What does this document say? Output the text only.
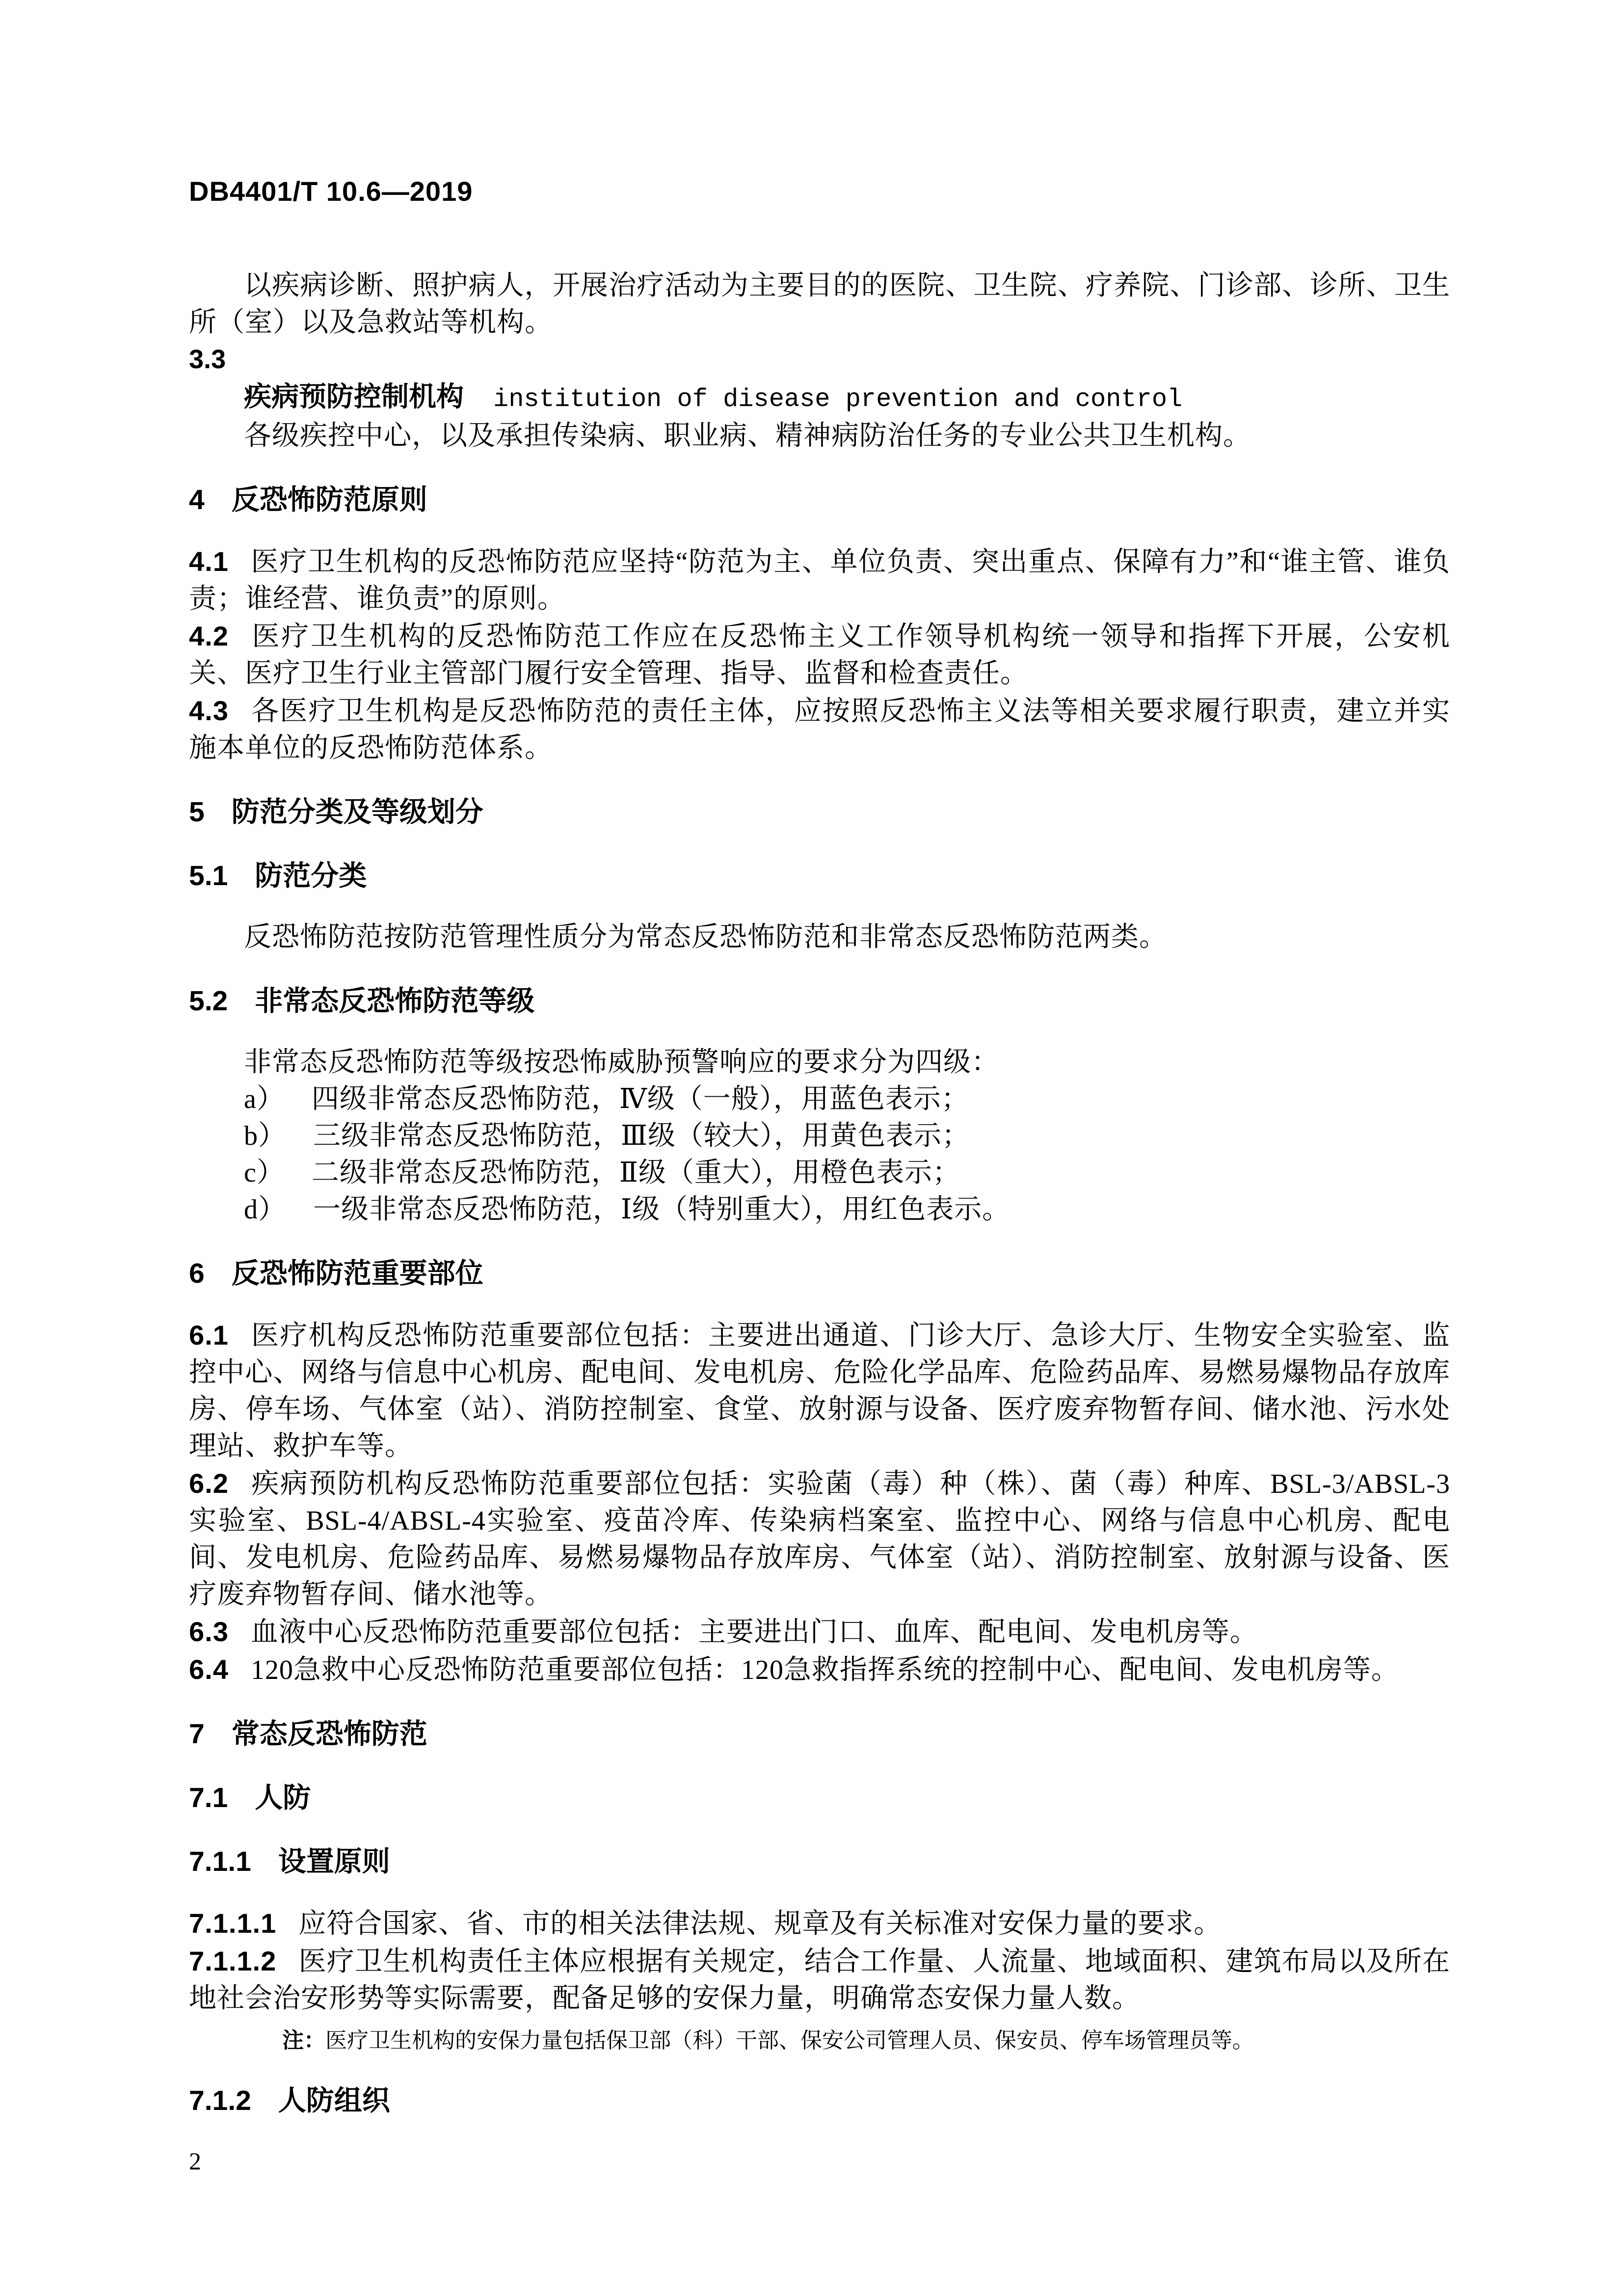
DB4401/T 10.6—2019

以疾病诊断、照护病人，开展治疗活动为主要目的的医院、卫生院、疗养院、门诊部、诊所、卫生所（室）以及急救站等机构。

3.3
疾病预防控制机构 institution of disease prevention and control

各级疾控中心，以及承担传染病、职业病、精神病防治任务的专业公共卫生机构。

4 反恐怖防范原则

4.1 医疗卫生机构的反恐怖防范应坚持“防范为主、单位负责、突出重点、保障有力”和“谁主管、谁负责；谁经营、谁负责”的原则。

4.2 医疗卫生机构的反恐怖防范工作应在反恐怖主义工作领导机构统一领导和指挥下开展，公安机关、医疗卫生行业主管部门履行安全管理、指导、监督和检查责任。

4.3 各医疗卫生机构是反恐怖防范的责任主体，应按照反恐怖主义法等相关要求履行职责，建立并实施本单位的反恐怖防范体系。

5 防范分类及等级划分
5.1 防范分类

反恐怖防范按防范管理性质分为常态反恐怖防范和非常态反恐怖防范两类。

5.2 非常态反恐怖防范等级

非常态反恐怖防范等级按恐怖威胁预警响应的要求分为四级：

a） 四级非常态反恐怖防范，Ⅳ级（一般），用蓝色表示；
b） 三级非常态反恐怖防范，Ⅲ级（较大），用黄色表示；
c） 二级非常态反恐怖防范，Ⅱ级（重大），用橙色表示；
d） 一级非常态反恐怖防范，Ⅰ级（特别重大），用红色表示。
6 反恐怖防范重要部位

6.1 医疗机构反恐怖防范重要部位包括：主要进出通道、门诊大厅、急诊大厅、生物安全实验室、监控中心、网络与信息中心机房、配电间、发电机房、危险化学品库、危险药品库、易燃易爆物品存放库房、停车场、气体室（站）、消防控制室、食堂、放射源与设备、医疗废弃物暂存间、储水池、污水处理站、救护车等。

6.2 疾病预防机构反恐怖防范重要部位包括：实验菌（毒）种（株）、菌（毒）种库、BSL-3/ABSL-3实验室、BSL-4/ABSL-4实验室、疫苗冷库、传染病档案室、监控中心、网络与信息中心机房、配电间、发电机房、危险药品库、易燃易爆物品存放库房、气体室（站）、消防控制室、放射源与设备、医疗废弃物暂存间、储水池等。

6.3 血液中心反恐怖防范重要部位包括：主要进出门口、血库、配电间、发电机房等。

6.4 120急救中心反恐怖防范重要部位包括：120急救指挥系统的控制中心、配电间、发电机房等。

7 常态反恐怖防范
7.1 人防
7.1.1 设置原则

7.1.1.1 应符合国家、省、市的相关法律法规、规章及有关标准对安保力量的要求。

7.1.1.2 医疗卫生机构责任主体应根据有关规定，结合工作量、人流量、地域面积、建筑布局以及所在地社会治安形势等实际需要，配备足够的安保力量，明确常态安保力量人数。

注：医疗卫生机构的安保力量包括保卫部（科）干部、保安公司管理人员、保安员、停车场管理员等。
7.1.2 人防组织
2
